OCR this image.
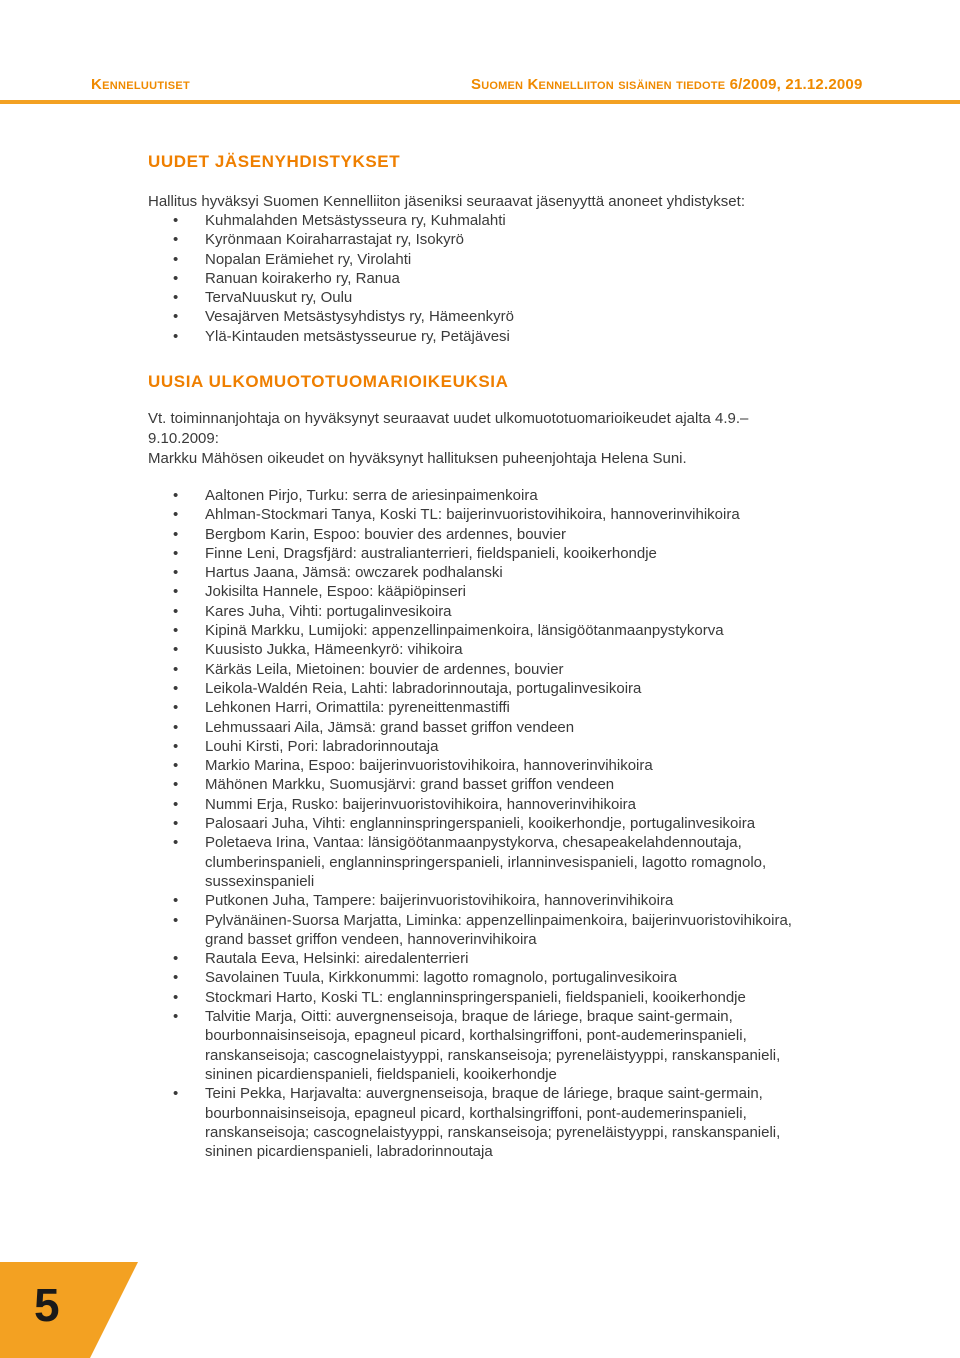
Kenneluutiset	Suomen Kennelliiton sisäinen tiedote 6/2009, 21.12.2009
UUDET JÄSENYHDISTYKSET
Hallitus hyväksyi Suomen Kennelliiton jäseniksi seuraavat jäsenyyttä anoneet yhdistykset:
• Kuhmalahden Metsästysseura ry, Kuhmalahti
• Kyrönmaan Koiraharrastajat ry, Isokyrö
• Nopalan Erämiehet ry, Virolahti
• Ranuan koirakerho ry, Ranua
• TervaNuuskut ry, Oulu
• Vesajärven Metsästysyhdistys ry, Hämeenkyrö
• Ylä-Kintauden metsästysseurue ry, Petäjävesi
UUSIA ULKOMUOTOTUOMARIOIKEUKSIA
Vt. toiminnanjohtaja on hyväksynyt seuraavat uudet ulkomuototuomarioikeudet ajalta 4.9.–
9.10.2009:
Markku Mähösen oikeudet on hyväksynyt hallituksen puheenjohtaja Helena Suni.
• Aaltonen Pirjo, Turku: serra de ariesinpaimenkoira
• Ahlman-Stockmari Tanya, Koski TL: baijerinvuoristovihikoira, hannoverinvihikoira
• Bergbom Karin, Espoo: bouvier des ardennes, bouvier
• Finne Leni, Dragsfjärd: australianterrieri, fieldspanieli, kooikerhondje
• Hartus Jaana, Jämsä: owczarek podhalanski
• Jokisilta Hannele, Espoo: kääpiöpinseri
• Kares Juha, Vihti: portugalinvesikoira
• Kipinä Markku, Lumijoki: appenzellinpaimenkoira, länsigöötanmaanpystykorva
• Kuusisto Jukka, Hämeenkyrö: vihikoira
• Kärkäs Leila, Mietoinen: bouvier de ardennes, bouvier
• Leikola-Waldén Reia, Lahti: labradorinnoutaja, portugalinvesikoira
• Lehkonen Harri, Orimattila: pyreneittenmastiffi
• Lehmussaari Aila, Jämsä: grand basset griffon vendeen
• Louhi Kirsti, Pori: labradorinnoutaja
• Markio Marina, Espoo: baijerinvuoristovihikoira, hannoverinvihikoira
• Mähönen Markku, Suomusjärvi: grand basset griffon vendeen
• Nummi Erja, Rusko: baijerinvuoristovihikoira, hannoverinvihikoira
• Palosaari Juha, Vihti: englanninspringerspanieli, kooikerhondje, portugalinvesikoira
• Poletaeva Irina, Vantaa: länsigöötanmaanpystykorva, chesapeakelahdennoutaja,
clumberinspanieli, englanninspringerspanieli, irlanninvesispanieli, lagotto romagnolo,
sussexinspanieli
• Putkonen Juha, Tampere: baijerinvuoristovihikoira, hannoverinvihikoira
• Pylvänäinen-Suorsa Marjatta, Liminka: appenzellinpaimenkoira, baijerinvuoristovihikoira,
grand basset griffon vendeen, hannoverinvihikoira
• Rautala Eeva, Helsinki: airedalenterrieri
• Savolainen Tuula, Kirkkonummi: lagotto romagnolo, portugalinvesikoira
• Stockmari Harto, Koski TL: englanninspringerspanieli, fieldspanieli, kooikerhondje
• Talvitie Marja, Oitti: auvergnenseisoja, braque de láriege, braque saint-germain,
bourbonnaisinseisoja, epagneul picard, korthalsingriffoni, pont-audemerinspanieli,
ranskanseisoja; cascognelaistyyppi, ranskanseisoja; pyreneläistyyppi, ranskanspanieli,
sininen picardienspanieli, fieldspanieli, kooikerhondje
• Teini Pekka, Harjavalta: auvergnenseisoja, braque de láriege, braque saint-germain,
bourbonnaisinseisoja, epagneul picard, korthalsingriffoni, pont-audemerinspanieli,
ranskanseisoja; cascognelaistyyppi, ranskanseisoja; pyreneläistyyppi, ranskanspanieli,
sininen picardienspanieli, labradorinnoutaja
5
